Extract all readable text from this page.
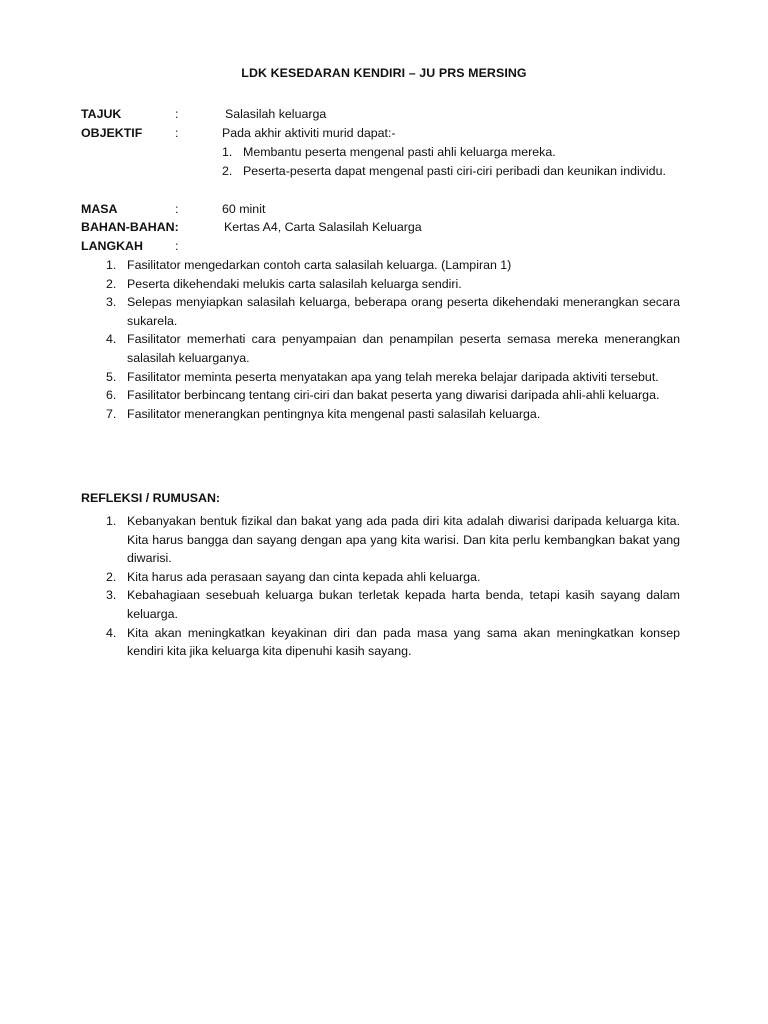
LDK KESEDARAN KENDIRI – JU PRS MERSING
TAJUK	:	Salasilah keluarga
OBJEKTIF	:	Pada akhir aktiviti murid dapat:-
1. Membantu peserta mengenal pasti ahli keluarga mereka.
2. Peserta-peserta dapat mengenal pasti ciri-ciri peribadi dan keunikan individu.
MASA	:	60 minit
BAHAN-BAHAN:	Kertas A4, Carta Salasilah Keluarga
LANGKAH	:
1. Fasilitator mengedarkan contoh carta salasilah keluarga. (Lampiran 1)
2. Peserta dikehendaki melukis carta salasilah keluarga sendiri.
3. Selepas menyiapkan salasilah keluarga, beberapa orang peserta dikehendaki menerangkan secara sukarela.
4. Fasilitator memerhati cara penyampaian dan penampilan peserta semasa mereka menerangkan salasilah keluarganya.
5. Fasilitator meminta peserta menyatakan apa yang telah mereka belajar daripada aktiviti tersebut.
6. Fasilitator berbincang tentang ciri-ciri dan bakat peserta yang diwarisi daripada ahli-ahli keluarga.
7. Fasilitator menerangkan pentingnya kita mengenal pasti salasilah keluarga.
REFLEKSI / RUMUSAN:
1. Kebanyakan bentuk fizikal dan bakat yang ada pada diri kita adalah diwarisi daripada keluarga kita. Kita harus bangga dan sayang dengan apa yang kita warisi. Dan kita perlu kembangkan bakat yang diwarisi.
2. Kita harus ada perasaan sayang dan cinta kepada ahli keluarga.
3. Kebahagiaan sesebuah keluarga bukan terletak kepada harta benda, tetapi kasih sayang dalam keluarga.
4. Kita akan meningkatkan keyakinan diri dan pada masa yang sama akan meningkatkan konsep kendiri kita jika keluarga kita dipenuhi kasih sayang.
